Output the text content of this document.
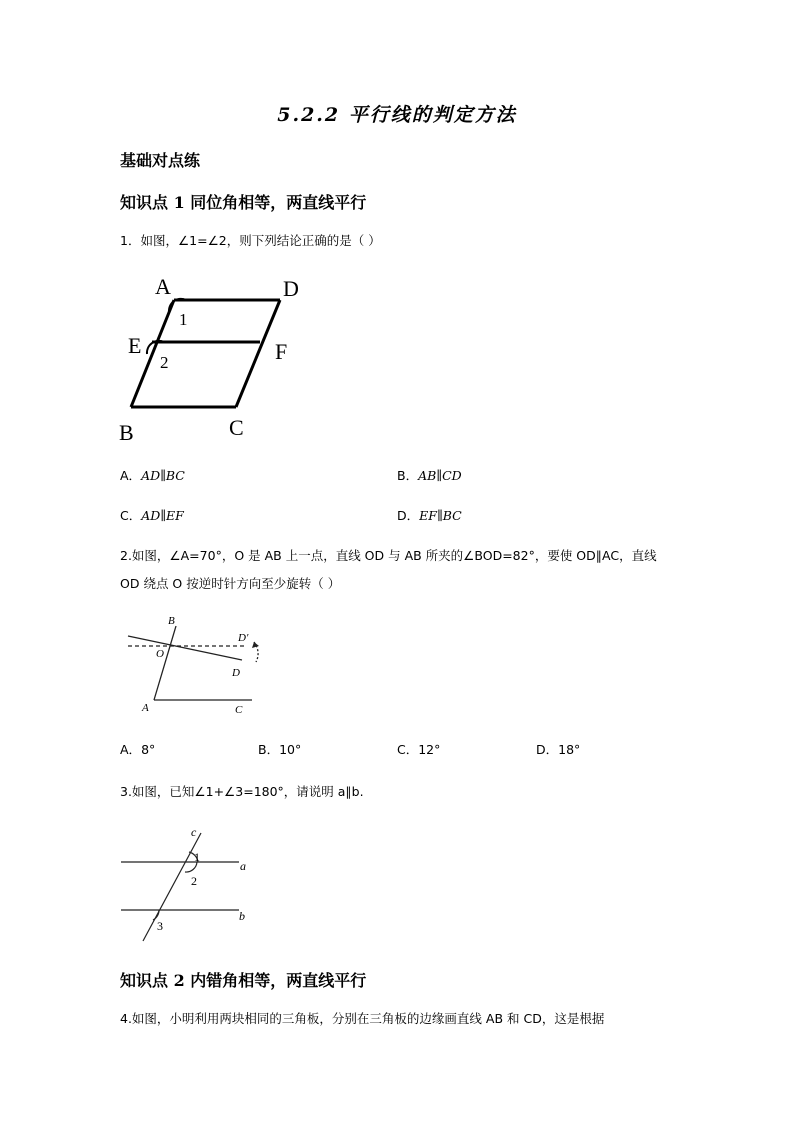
5.2.2 平行线的判定方法
基础对点练
知识点 1 同位角相等，两直线平行
1．如图，∠1=∠2，则下列结论正确的是（ ）
A	D
E	F
B	C
1
2
A．AD∥BC	B．AB∥CD
C．AD∥EF	D．EF∥BC
2.如图，∠A=70°，O 是 AB 上一点，直线 OD 与 AB 所夹的∠BOD=82°，要使 OD∥AC，直线
OD 绕点 O 按逆时针方向至少旋转（ ）
B
D′
O
D
A	C
A．8°	B．10°	C．12°	D．18°
3.如图，已知∠1+∠3=180°，请说明 a∥b.
c
a
b
1
2
3
知识点 2 内错角相等，两直线平行
4.如图，小明利用两块相同的三角板，分别在三角板的边缘画直线 AB 和 CD，这是根据
